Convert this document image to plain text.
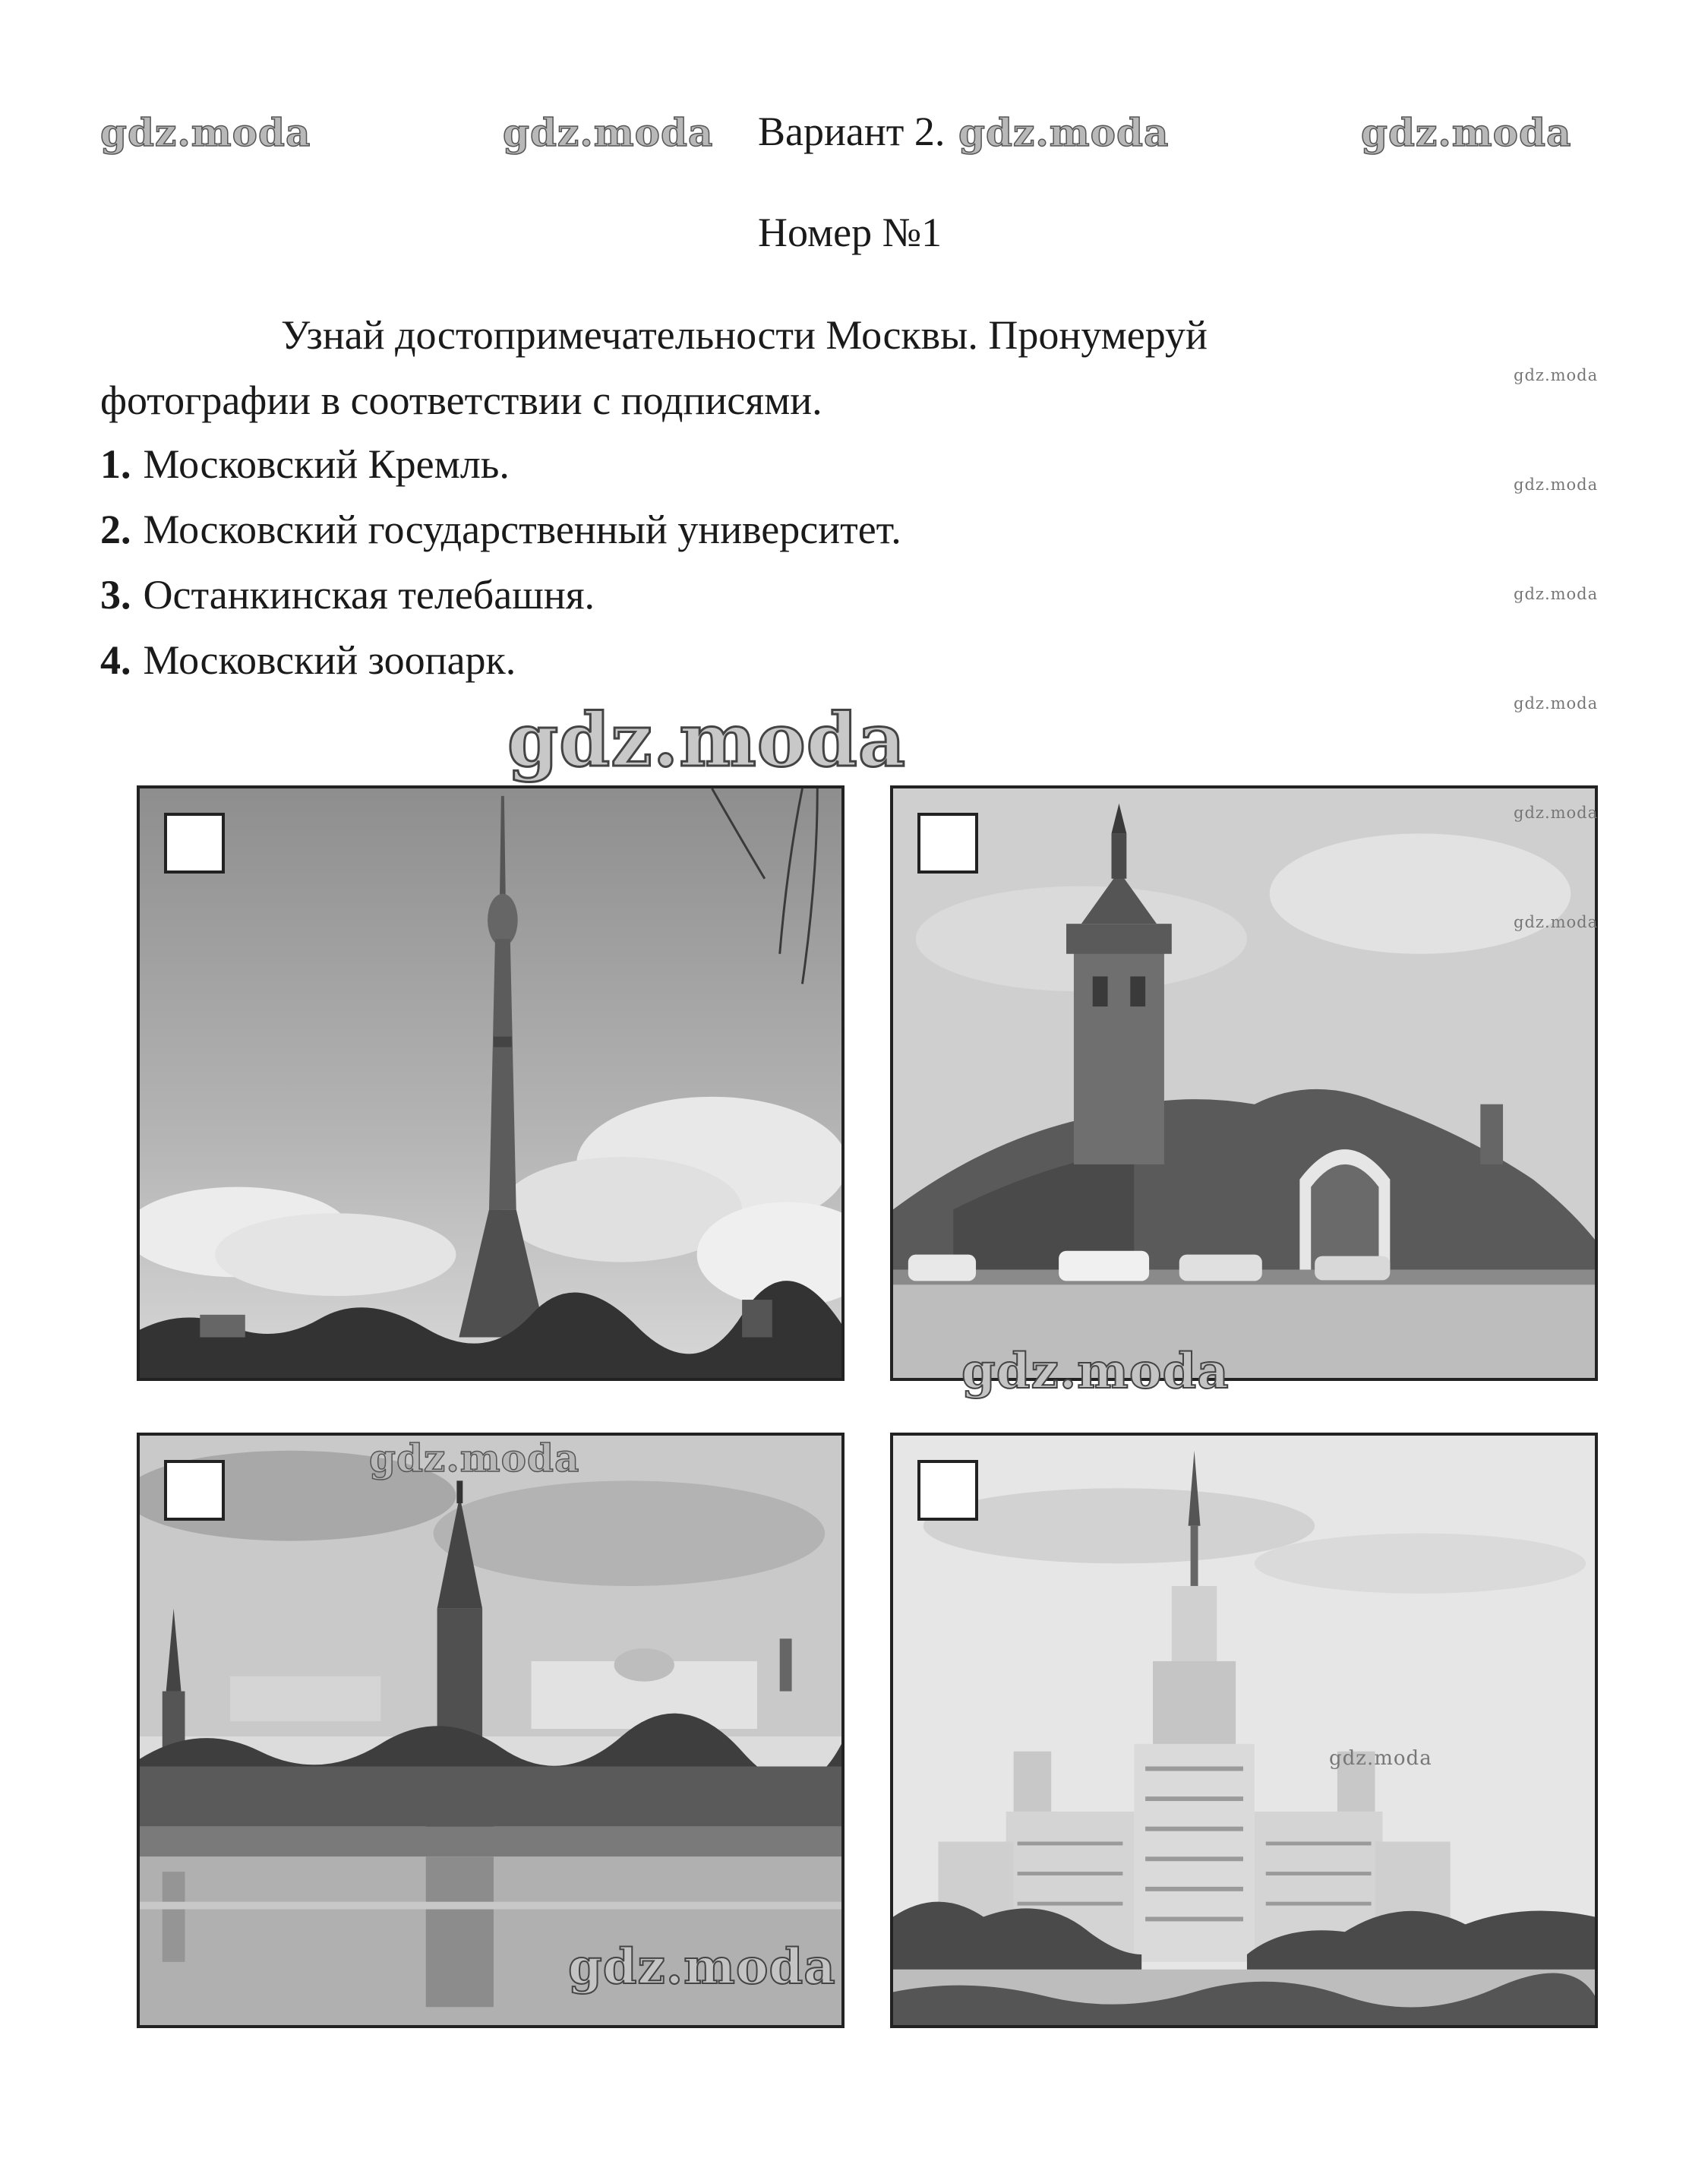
gdz.moda	gdz.moda Вариант 2. gdz.moda	gdz.moda
Номер №1
Узнай достопримечательности Москвы. Пронумеруй
фотографии в соответствии с подписями.
1. Московский Кремль.
2. Московский государственный университет.
3. Останкинская телебашня.
4. Московский зоопарк.
gdz.moda
gdz.moda
gdz.moda
gdz.moda
gdz.moda
gdz.moda
gdz.moda
gdz.moda
gdz.moda
gdz.moda
gdz.moda
